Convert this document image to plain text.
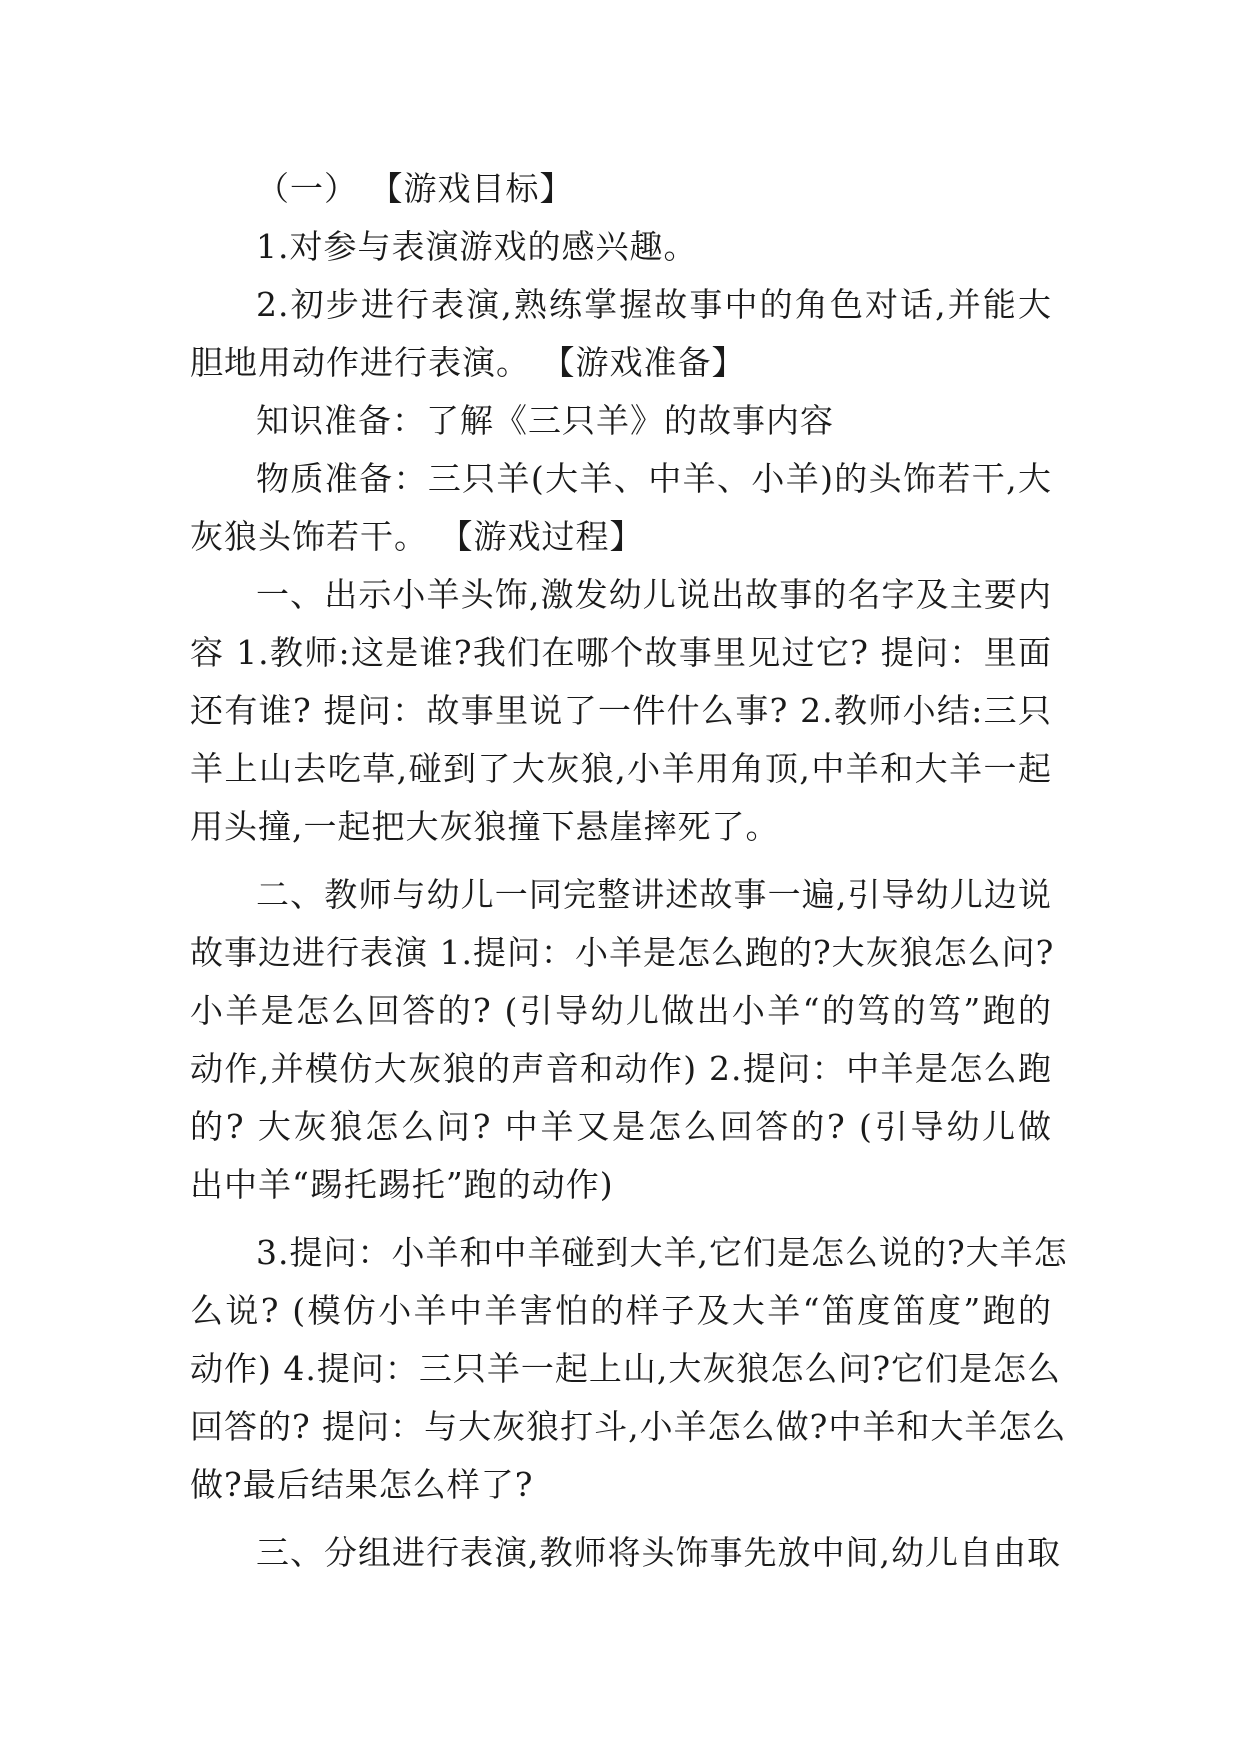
（一） 【游戏目标】
1.对参与表演游戏的感兴趣。
2.初步进行表演,熟练掌握故事中的角色对话,并能大
胆地用动作进行表演。 【游戏准备】
知识准备：了解《三只羊》的故事内容
物质准备：三只羊(大羊、中羊、小羊)的头饰若干,大
灰狼头饰若干。 【游戏过程】
一、出示小羊头饰,激发幼儿说出故事的名字及主要内
容 1.教师:这是谁?我们在哪个故事里见过它? 提问：里面
还有谁? 提问：故事里说了一件什么事? 2.教师小结:三只
羊上山去吃草,碰到了大灰狼,小羊用角顶,中羊和大羊一起
用头撞,一起把大灰狼撞下悬崖摔死了。
二、教师与幼儿一同完整讲述故事一遍,引导幼儿边说
故事边进行表演 1.提问：小羊是怎么跑的?大灰狼怎么问?
小羊是怎么回答的? (引导幼儿做出小羊“的笃的笃”跑的
动作,并模仿大灰狼的声音和动作) 2.提问：中羊是怎么跑
的? 大灰狼怎么问? 中羊又是怎么回答的? (引导幼儿做
出中羊“踢托踢托”跑的动作)
3.提问：小羊和中羊碰到大羊,它们是怎么说的?大羊怎
么说? (模仿小羊中羊害怕的样子及大羊“笛度笛度”跑的
动作) 4.提问：三只羊一起上山,大灰狼怎么问?它们是怎么
回答的? 提问：与大灰狼打斗,小羊怎么做?中羊和大羊怎么
做?最后结果怎么样了?
三、分组进行表演,教师将头饰事先放中间,幼儿自由取
